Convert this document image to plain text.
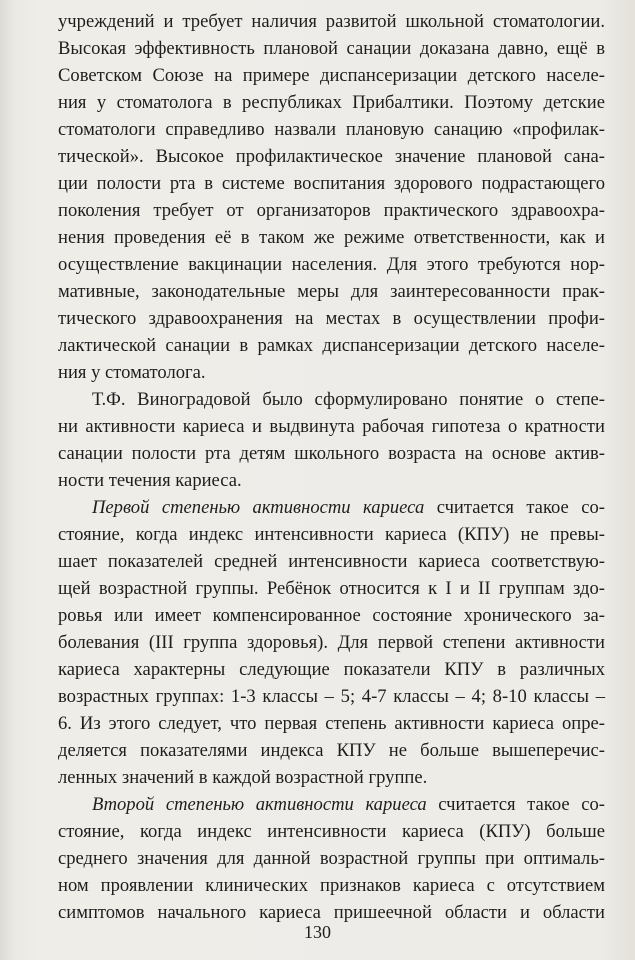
учреждений и требует наличия развитой школьной стоматологии.
Высокая эффективность плановой санации доказана давно, ещё в
Советском Союзе на примере диспансеризации детского населе-
ния у стоматолога в республиках Прибалтики. Поэтому детские
стоматологи справедливо назвали плановую санацию «профилак-
тической». Высокое профилактическое значение плановой сана-
ции полости рта в системе воспитания здорового подрастающего
поколения требует от организаторов практического здравоохра-
нения проведения её в таком же режиме ответственности, как и
осуществление вакцинации населения. Для этого требуются нор-
мативные, законодательные меры для заинтересованности прак-
тического здравоохранения на местах в осуществлении профи-
лактической санации в рамках диспансеризации детского населе-
ния у стоматолога.
Т.Ф. Виноградовой было сформулировано понятие о степе-
ни активности кариеса и выдвинута рабочая гипотеза о кратности
санации полости рта детям школьного возраста на основе актив-
ности течения кариеса.
Первой степенью активности кариеса считается такое со-
стояние, когда индекс интенсивности кариеса (КПУ) не превы-
шает показателей средней интенсивности кариеса соответствую-
щей возрастной группы. Ребёнок относится к I и II группам здо-
ровья или имеет компенсированное состояние хронического за-
болевания (III группа здоровья). Для первой степени активности
кариеса характерны следующие показатели КПУ в различных
возрастных группах: 1-3 классы – 5; 4-7 классы – 4; 8-10 классы –
6. Из этого следует, что первая степень активности кариеса опре-
деляется показателями индекса КПУ не больше вышеперечис-
ленных значений в каждой возрастной группе.
Второй степенью активности кариеса считается такое со-
стояние, когда индекс интенсивности кариеса (КПУ) больше
среднего значения для данной возрастной группы при оптималь-
ном проявлении клинических признаков кариеса с отсутствием
симптомов начального кариеса пришеечной области и области
130
